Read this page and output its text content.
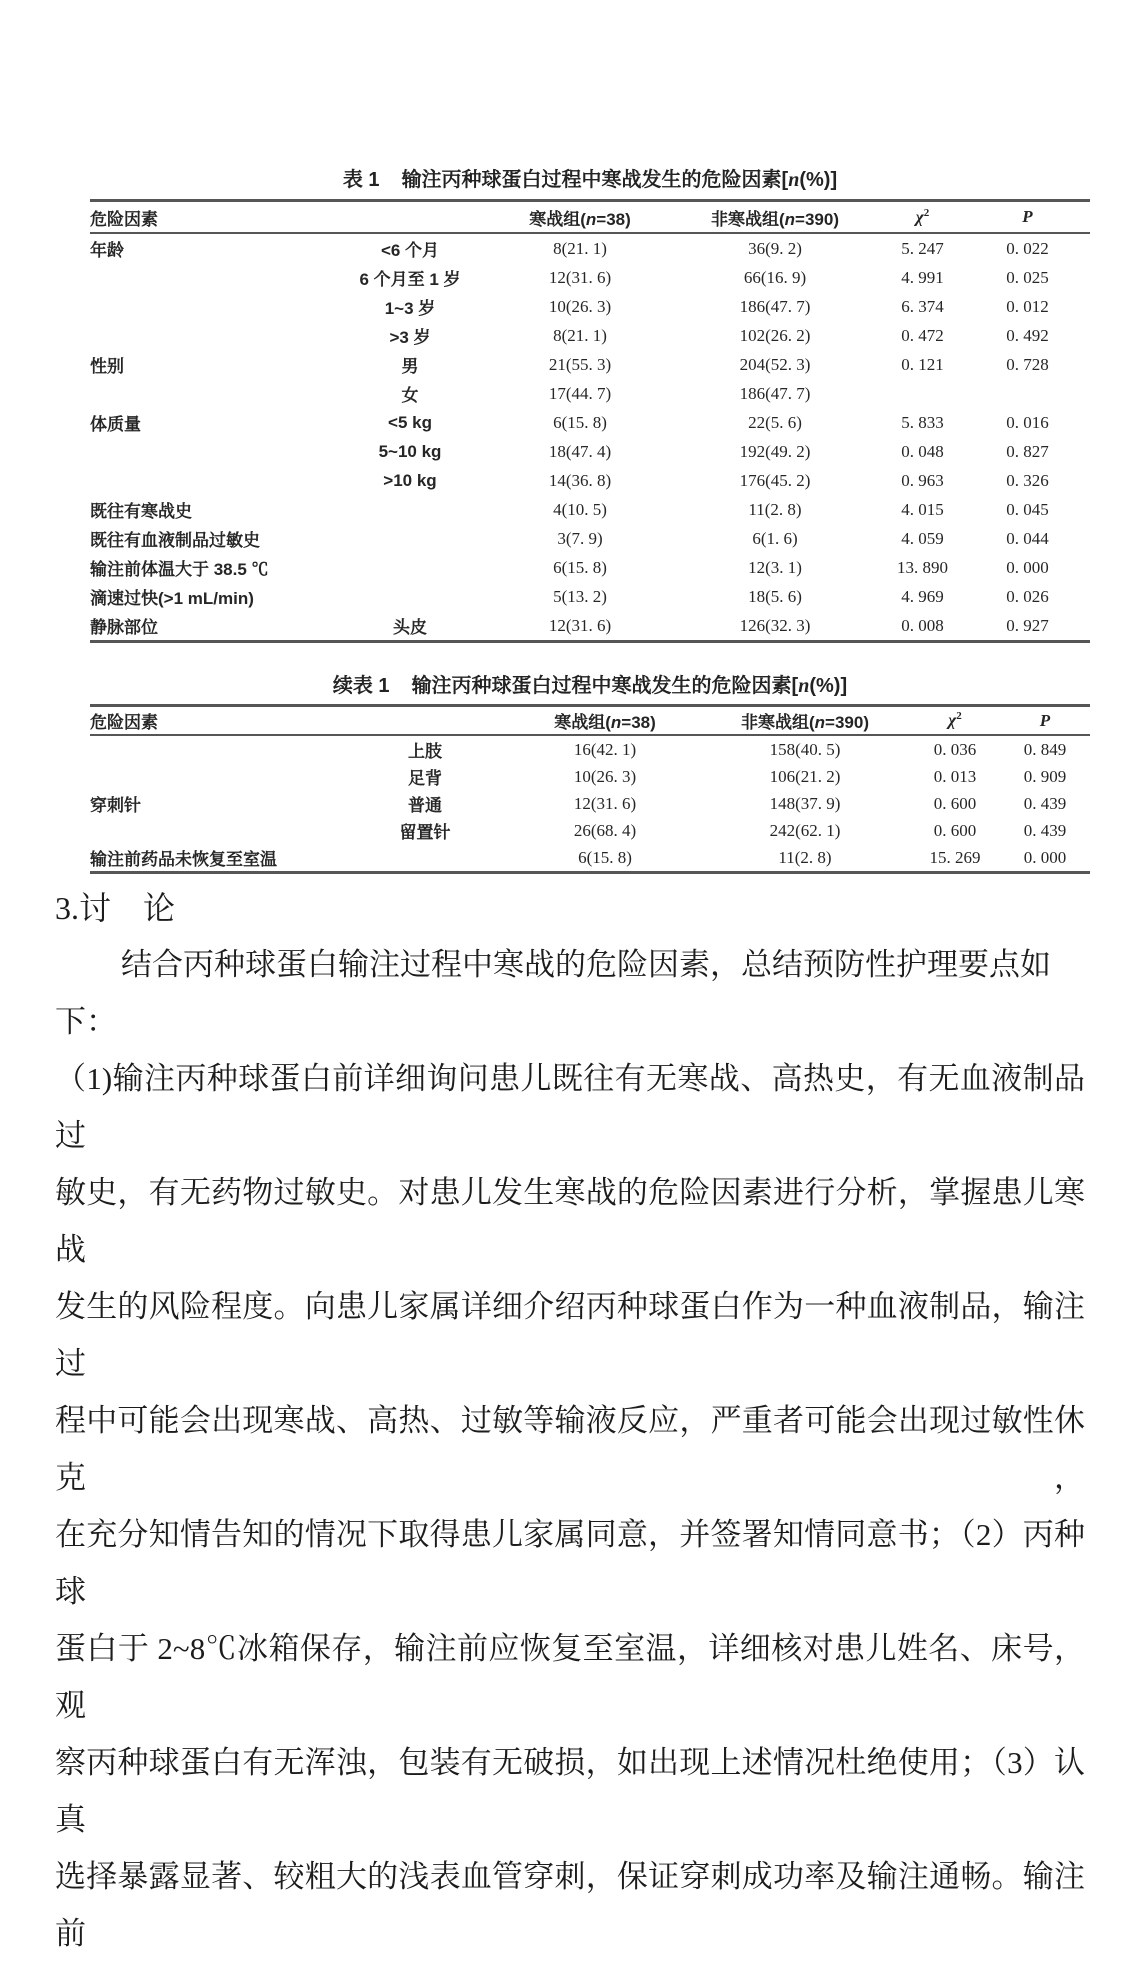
表 1 输注丙种球蛋白过程中寒战发生的危险因素[n(%)]
危险因素		寒战组(n=38)	非寒战组(n=390)	$\chi^2$	P
年龄	<6 个月	8(21. 1)	36(9. 2)	5. 247	0. 022
	6 个月至 1 岁	12(31. 6)	66(16. 9)	4. 991	0. 025
	1~3 岁	10(26. 3)	186(47. 7)	6. 374	0. 012
	>3 岁	8(21. 1)	102(26. 2)	0. 472	0. 492
性别	男	21(55. 3)	204(52. 3)	0. 121	0. 728
	女	17(44. 7)	186(47. 7)		
体质量	<5 kg	6(15. 8)	22(5. 6)	5. 833	0. 016
	5~10 kg	18(47. 4)	192(49. 2)	0. 048	0. 827
	>10 kg	14(36. 8)	176(45. 2)	0. 963	0. 326
既往有寒战史		4(10. 5)	11(2. 8)	4. 015	0. 045
既往有血液制品过敏史		3(7. 9)	6(1. 6)	4. 059	0. 044
输注前体温大于 38.5 ℃		6(15. 8)	12(3. 1)	13. 890	0. 000
滴速过快(>1 mL/min)		5(13. 2)	18(5. 6)	4. 969	0. 026
静脉部位	头皮	12(31. 6)	126(32. 3)	0. 008	0. 927
续表 1 输注丙种球蛋白过程中寒战发生的危险因素[n(%)]
危险因素		寒战组(n=38)	非寒战组(n=390)	$\chi^2$	P
	上肢	16(42. 1)	158(40. 5)	0. 036	0. 849
	足背	10(26. 3)	106(21. 2)	0. 013	0. 909
穿刺针	普通	12(31. 6)	148(37. 9)	0. 600	0. 439
	留置针	26(68. 4)	242(62. 1)	0. 600	0. 439
输注前药品未恢复至室温		6(15. 8)	11(2. 8)	15. 269	0. 000
3.讨　论
结合丙种球蛋白输注过程中寒战的危险因素，总结预防性护理要点如下：
（1)输注丙种球蛋白前详细询问患儿既往有无寒战、高热史，有无血液制品过
敏史，有无药物过敏史。对患儿发生寒战的危险因素进行分析，掌握患儿寒战
发生的风险程度。向患儿家属详细介绍丙种球蛋白作为一种血液制品，输注过
程中可能会出现寒战、高热、过敏等输液反应，严重者可能会出现过敏性休克，
在充分知情告知的情况下取得患儿家属同意，并签署知情同意书；（2）丙种球
蛋白于 2~8℃冰箱保存，输注前应恢复至室温，详细核对患儿姓名、床号，观
察丙种球蛋白有无浑浊，包装有无破损，如出现上述情况杜绝使用；（3）认真
选择暴露显著、较粗大的浅表血管穿刺，保证穿刺成功率及输注通畅。输注前
